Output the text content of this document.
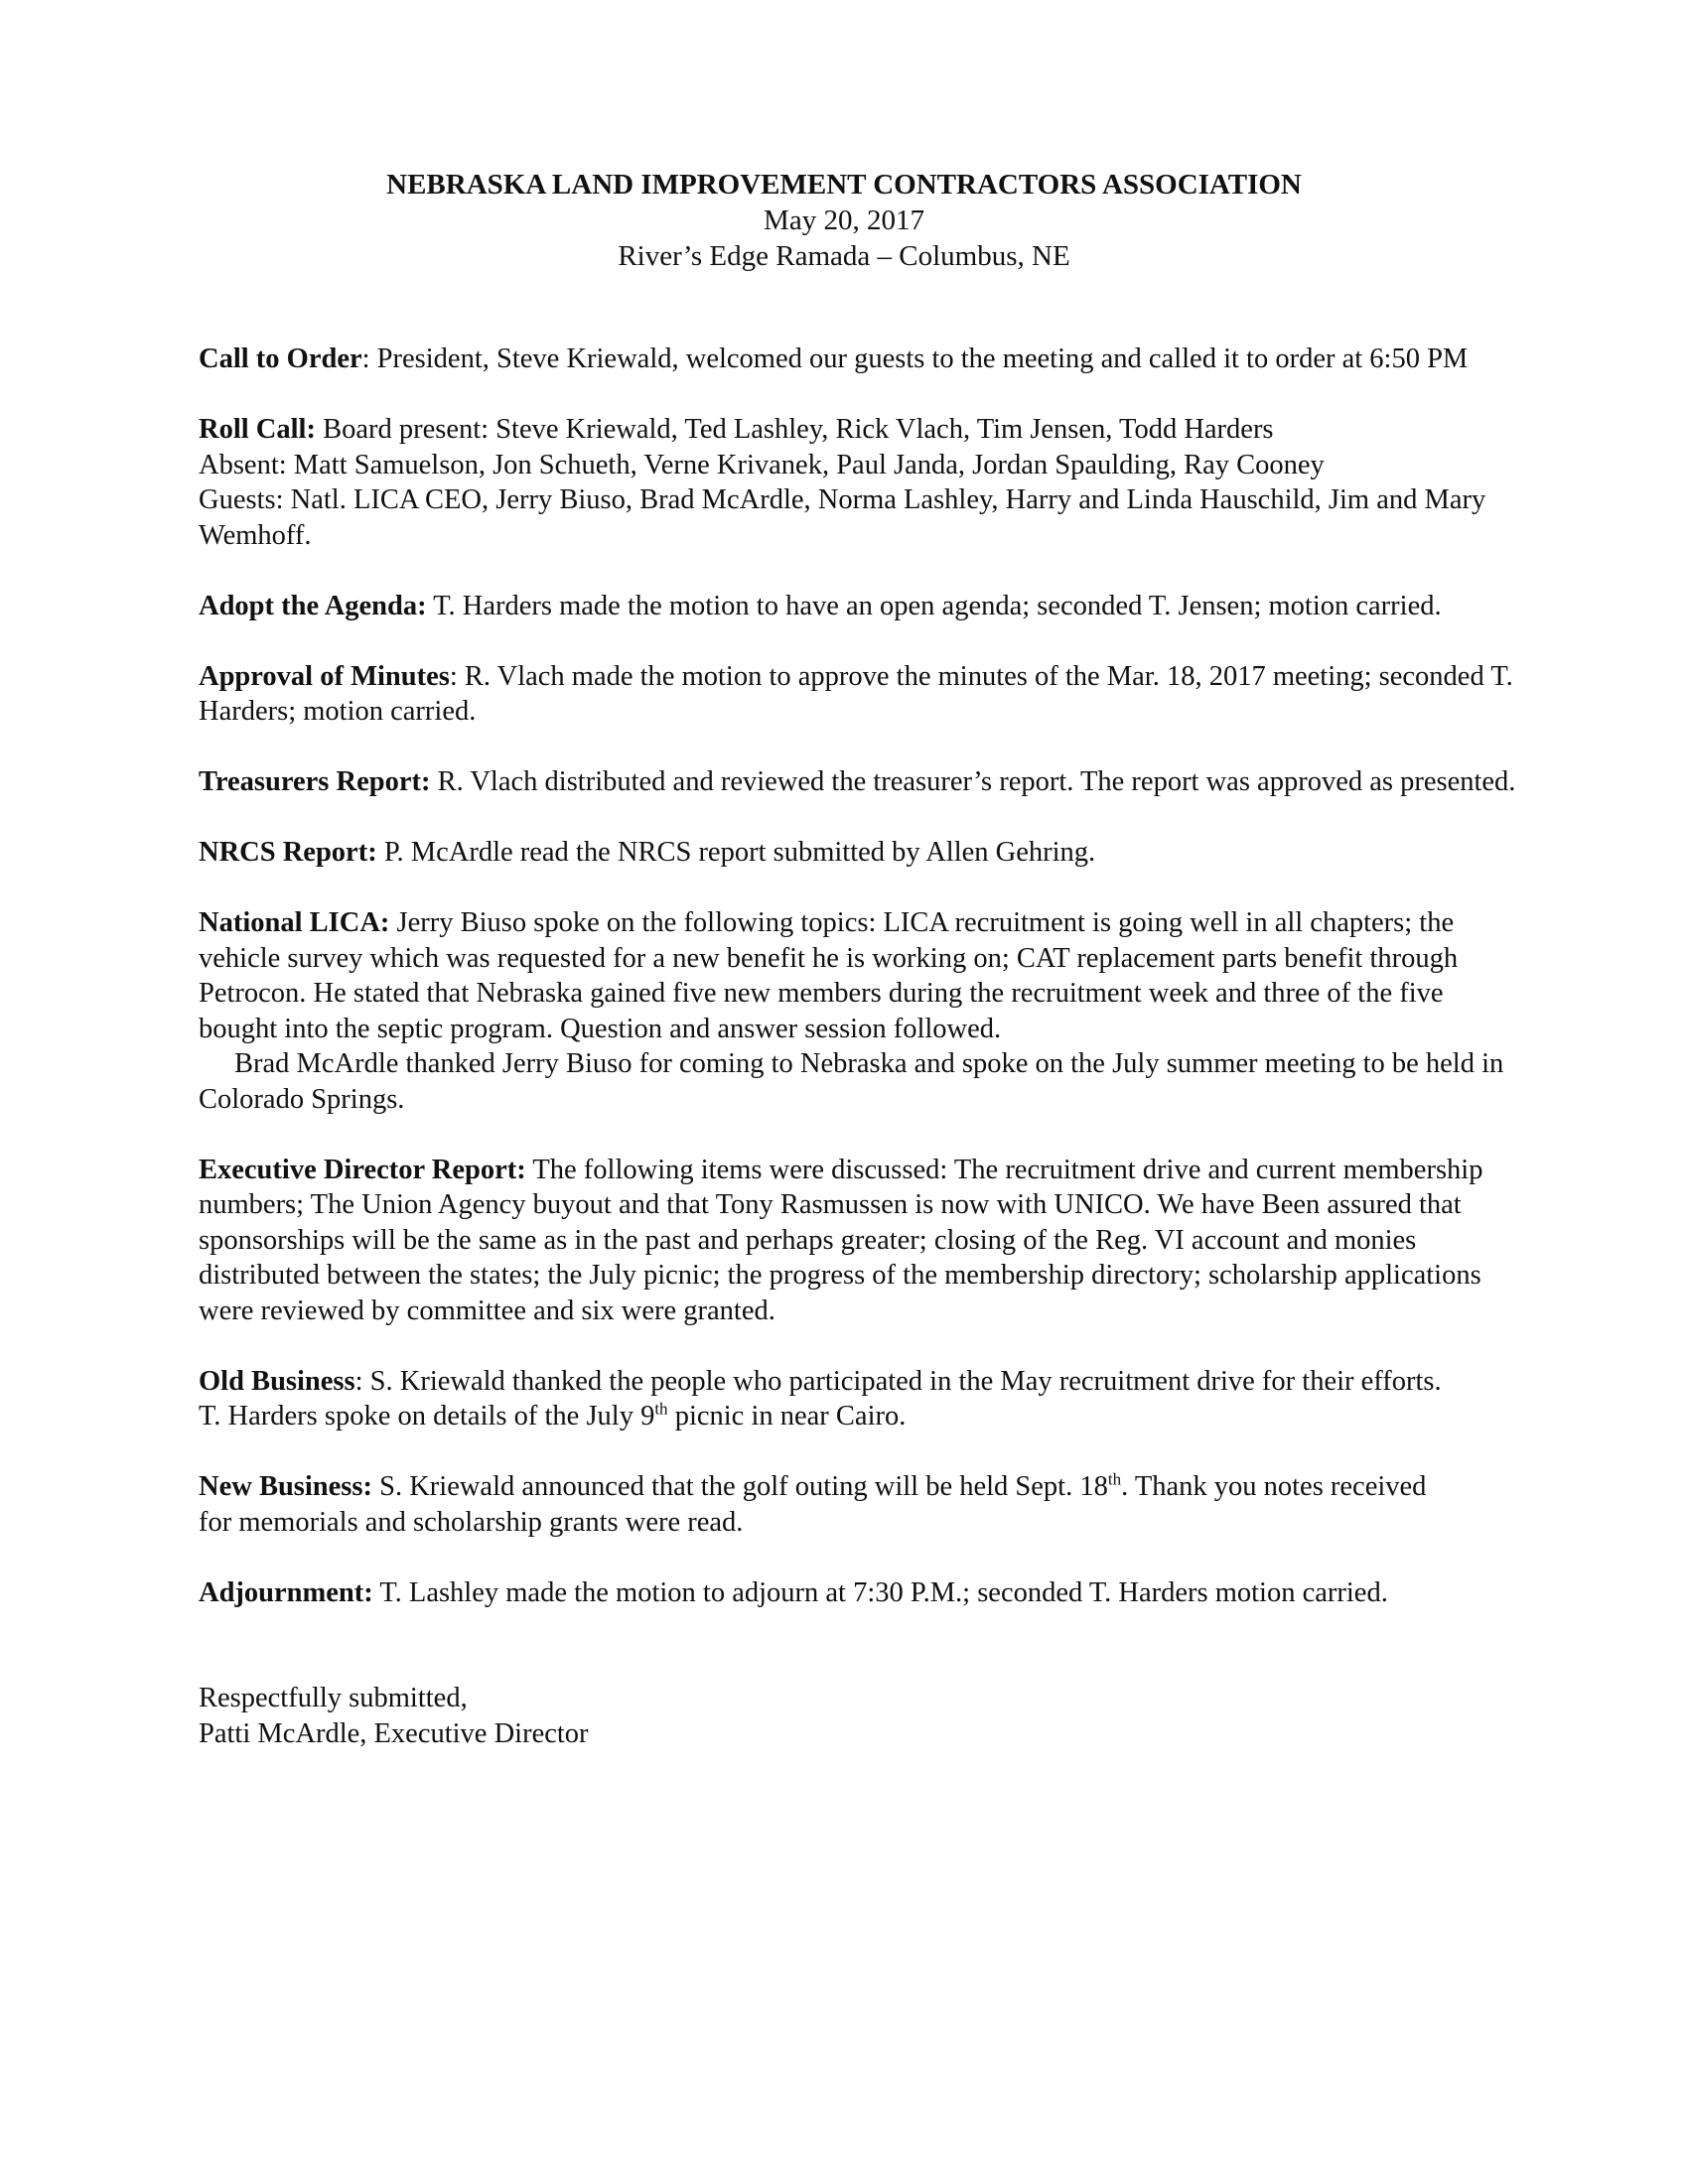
NEBRASKA LAND IMPROVEMENT CONTRACTORS ASSOCIATION
May 20, 2017
River’s Edge Ramada – Columbus, NE

Call to Order: President, Steve Kriewald, welcomed our guests to the meeting and called it to order at 6:50 PM

Roll Call: Board present: Steve Kriewald, Ted Lashley, Rick Vlach, Tim Jensen, Todd Harders
Absent: Matt Samuelson, Jon Schueth, Verne Krivanek, Paul Janda, Jordan Spaulding, Ray Cooney
Guests: Natl. LICA CEO, Jerry Biuso, Brad McArdle, Norma Lashley, Harry and Linda Hauschild, Jim and Mary Wemhoff.

Adopt the Agenda: T. Harders made the motion to have an open agenda; seconded T. Jensen; motion carried.

Approval of Minutes: R. Vlach made the motion to approve the minutes of the Mar. 18, 2017 meeting; seconded T. Harders; motion carried.

Treasurers Report: R. Vlach distributed and reviewed the treasurer’s report. The report was approved as presented.

NRCS Report: P. McArdle read the NRCS report submitted by Allen Gehring.

National LICA: Jerry Biuso spoke on the following topics: LICA recruitment is going well in all chapters; the vehicle survey which was requested for a new benefit he is working on; CAT replacement parts benefit through Petrocon. He stated that Nebraska gained five new members during the recruitment week and three of the five bought into the septic program. Question and answer session followed.
Brad McArdle thanked Jerry Biuso for coming to Nebraska and spoke on the July summer meeting to be held in Colorado Springs.

Executive Director Report: The following items were discussed: The recruitment drive and current membership numbers; The Union Agency buyout and that Tony Rasmussen is now with UNICO. We have Been assured that sponsorships will be the same as in the past and perhaps greater; closing of the Reg. VI account and monies distributed between the states; the July picnic; the progress of the membership directory; scholarship applications were reviewed by committee and six were granted.

Old Business: S. Kriewald thanked the people who participated in the May recruitment drive for their efforts.
T. Harders spoke on details of the July 9th picnic in near Cairo.
New Business: S. Kriewald announced that the golf outing will be held Sept. 18th. Thank you notes received
for memorials and scholarship grants were read.

Adjournment: T. Lashley made the motion to adjourn at 7:30 P.M.; seconded T. Harders motion carried.

Respectfully submitted,
Patti McArdle, Executive Director
